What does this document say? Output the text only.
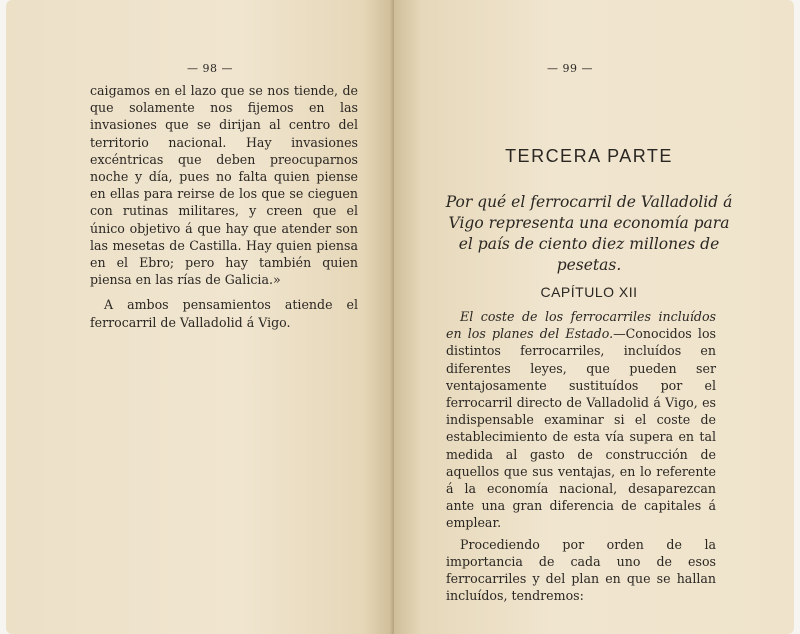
— 98 —

caigamos en el lazo que se nos tiende, de que solamente nos fijemos en las invasiones que se dirijan al centro del territorio nacional. Hay invasiones excéntricas que deben preocuparnos noche y día, pues no falta quien piense en ellas para reirse de los que se cieguen con rutinas militares, y creen que el único objetivo á que hay que atender son las mesetas de Castilla. Hay quien piensa en el Ebro; pero hay también quien piensa en las rías de Galicia.»

A ambos pensamientos atiende el ferrocarril de Valladolid á Vigo.

— 99 —
TERCERA PARTE
Por qué el ferrocarril de Valladolid á Vigo representa una economía para el país de ciento diez millones de pesetas.
CAPÍTULO XII

El coste de los ferrocarriles incluídos en los planes del Estado.—Conocidos los distintos ferrocarriles, incluídos en diferentes leyes, que pueden ser ventajosamente sustituídos por el ferrocarril directo de Valladolid á Vigo, es indispensable examinar si el coste de establecimiento de esta vía supera en tal medida al gasto de construcción de aquellos que sus ventajas, en lo referente á la economía nacional, desaparezcan ante una gran diferencia de capitales á emplear.

Procediendo por orden de la importancia de cada uno de esos ferrocarriles y del plan en que se hallan incluídos, tendremos:
